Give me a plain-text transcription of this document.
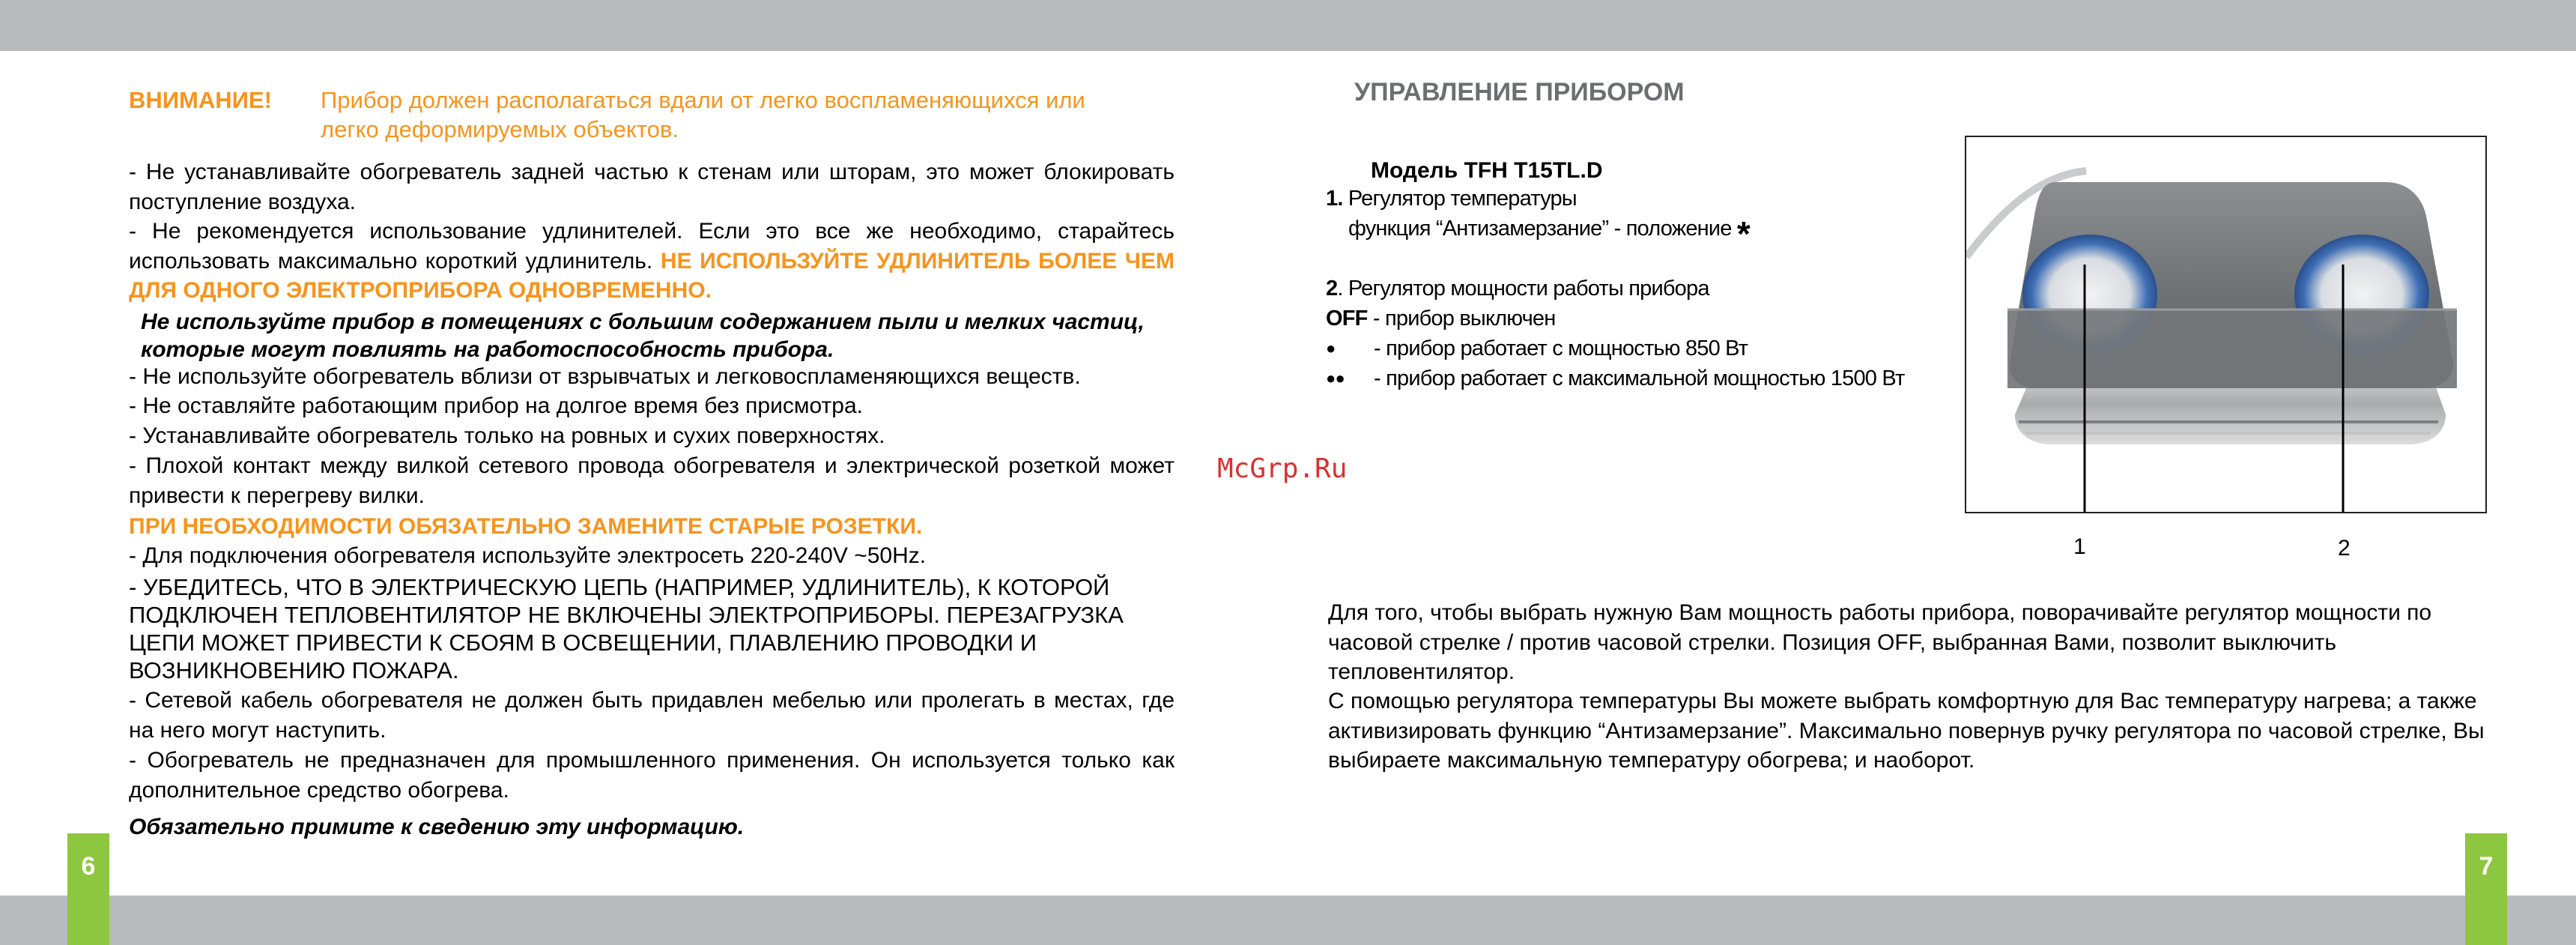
6	7
ВНИМАНИЕ!	Прибор должен располагаться вдали от легко воспламеняющихся или
легко деформируемых объектов.
- Не устанавливайте обогреватель задней частью к стенам или шторам, это может блокировать поступление воздуха.
- Не рекомендуется использование удлинителей. Если это все же необходимо, старайтесь использовать максимально короткий удлинитель. НЕ ИСПОЛЬЗУЙТЕ УДЛИНИТЕЛЬ БОЛЕЕ ЧЕМ ДЛЯ ОДНОГО ЭЛЕКТРОПРИБОРА ОДНОВРЕМЕННО.
Не используйте прибор в помещениях с большим содержанием пыли и мелких частиц,
которые могут повлиять на работоспособность прибора.
- Не используйте обогреватель вблизи от взрывчатых и легковоспламеняющихся веществ.
- Не оставляйте работающим прибор на долгое время без присмотра.
- Устанавливайте обогреватель только на ровных и сухих поверхностях.
- Плохой контакт между вилкой сетевого провода обогревателя и электрической розеткой может привести к перегреву вилки.
ПРИ НЕОБХОДИМОСТИ ОБЯЗАТЕЛЬНО ЗАМЕНИТЕ СТАРЫЕ РОЗЕТКИ.
- Для подключения обогревателя используйте электросеть 220-240V ~50Hz.
- УБЕДИТЕСЬ, ЧТО В ЭЛЕКТРИЧЕСКУЮ ЦЕПЬ (НАПРИМЕР, УДЛИНИТЕЛЬ), К КОТОРОЙ ПОДКЛЮЧЕН ТЕПЛОВЕНТИЛЯТОР НЕ ВКЛЮЧЕНЫ ЭЛЕКТРОПРИБОРЫ. ПЕРЕЗАГРУЗКА ЦЕПИ МОЖЕТ ПРИВЕСТИ К СБОЯМ В ОСВЕЩЕНИИ, ПЛАВЛЕНИЮ ПРОВОДКИ И ВОЗНИКНОВЕНИЮ ПОЖАРА.
- Сетевой кабель обогревателя не должен быть придавлен мебелью или пролегать в местах, где на него могут наступить.
- Обогреватель не предназначен для промышленного применения. Он используется только как дополнительное средство обогрева.
Обязательно примите к сведению эту информацию.
McGrp.Ru
УПРАВЛЕНИЕ ПРИБОРОМ
Модель TFH T15TL.D
1. Регулятор температуры
функция “Антизамерзание” - положение *
2. Регулятор мощности работы прибора
OFF - прибор выключен
●	- прибор работает с мощностью 850 Вт
●●	- прибор работает с максимальной мощностью 1500 Вт
1	2
Для того, чтобы выбрать нужную Вам мощность работы прибора, поворачивайте регулятор мощности по часовой стрелке / против часовой стрелки. Позиция OFF, выбранная Вами, позволит выключить тепловентилятор.
С помощью регулятора температуры Вы можете выбрать комфортную для Вас температуру нагрева; а также активизировать функцию “Антизамерзание”. Максимально повернув ручку регулятора по часовой стрелке, Вы выбираете максимальную температуру обогрева; и наоборот.
